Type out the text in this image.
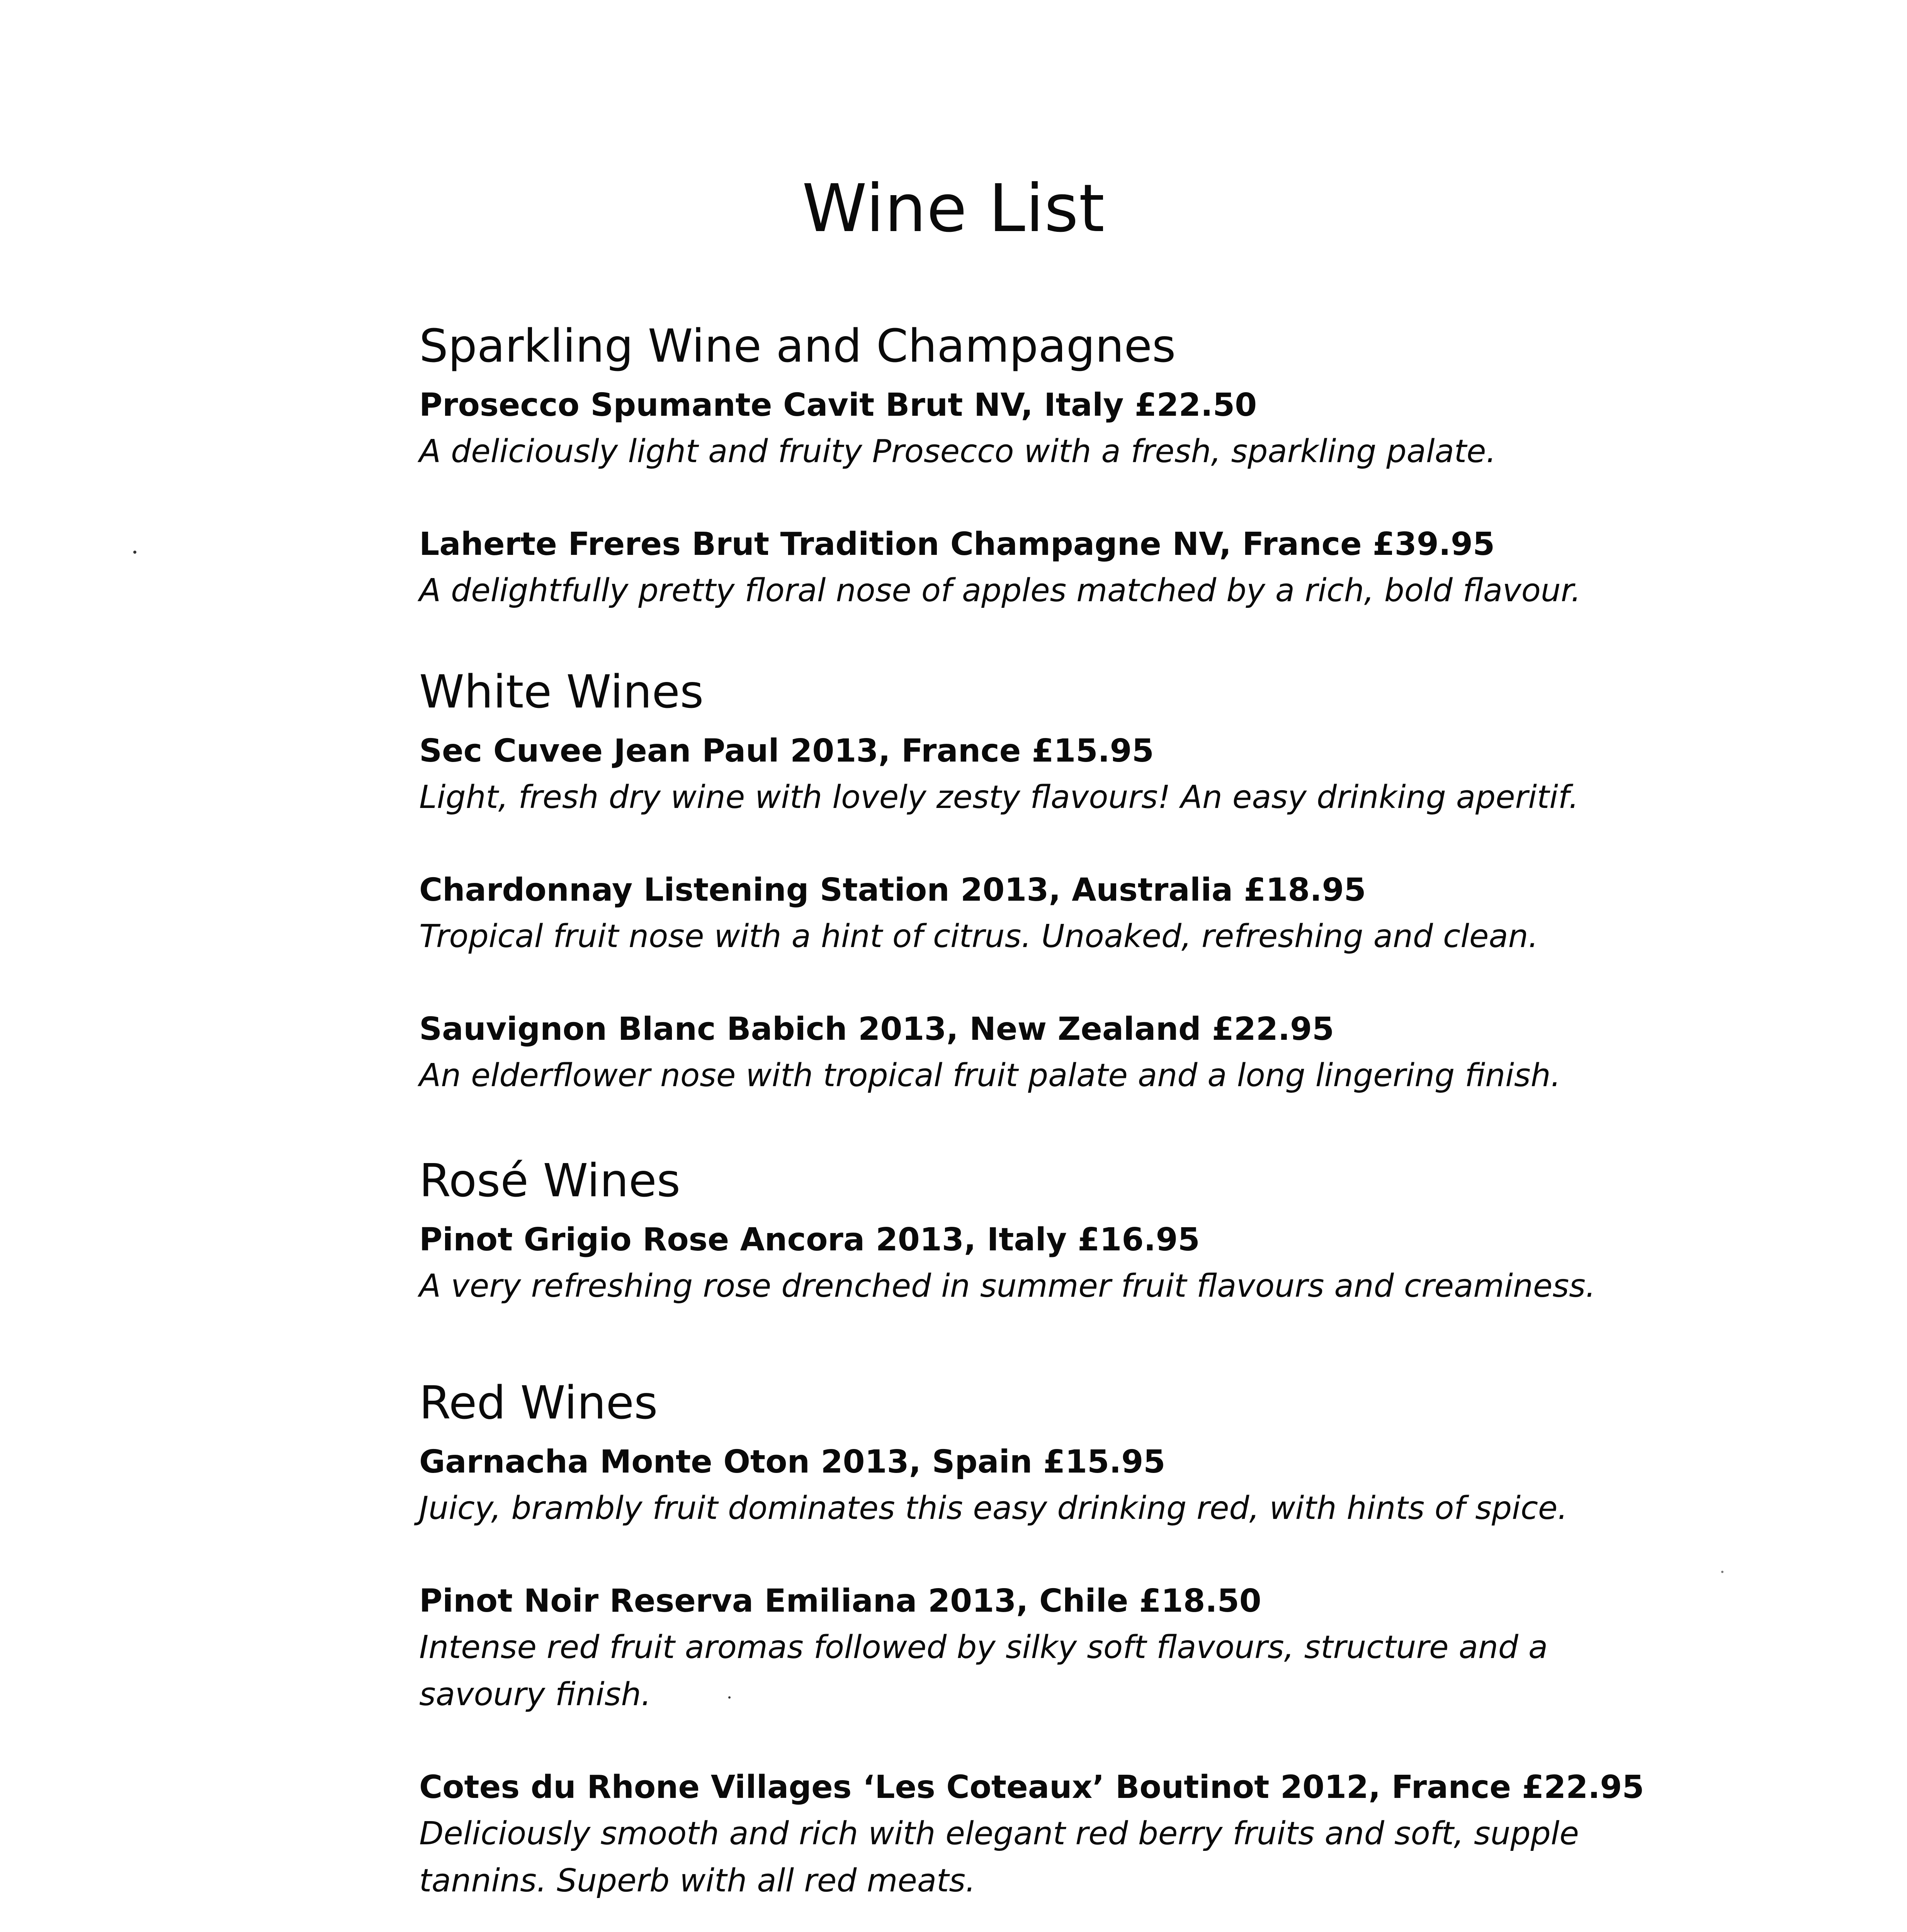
Wine List
Sparkling Wine and Champagnes
Prosecco Spumante Cavit Brut NV, Italy £22.50
A deliciously light and fruity Prosecco with a fresh, sparkling palate.
Laherte Freres Brut Tradition Champagne NV, France £39.95
A delightfully pretty floral nose of apples matched by a rich, bold flavour.
White Wines
Sec Cuvee Jean Paul 2013, France £15.95
Light, fresh dry wine with lovely zesty flavours! An easy drinking aperitif.
Chardonnay Listening Station 2013, Australia £18.95
Tropical fruit nose with a hint of citrus. Unoaked, refreshing and clean.
Sauvignon Blanc Babich 2013, New Zealand £22.95
An elderflower nose with tropical fruit palate and a long lingering finish.
Rosé Wines
Pinot Grigio Rose Ancora 2013, Italy £16.95
A very refreshing rose drenched in summer fruit flavours and creaminess.
Red Wines
Garnacha Monte Oton 2013, Spain £15.95
Juicy, brambly fruit dominates this easy drinking red, with hints of spice.
Pinot Noir Reserva Emiliana 2013, Chile £18.50
Intense red fruit aromas followed by silky soft flavours, structure and a savoury finish.
Cotes du Rhone Villages ‘Les Coteaux’ Boutinot 2012, France £22.95
Deliciously smooth and rich with elegant red berry fruits and soft, supple tannins. Superb with all red meats.
